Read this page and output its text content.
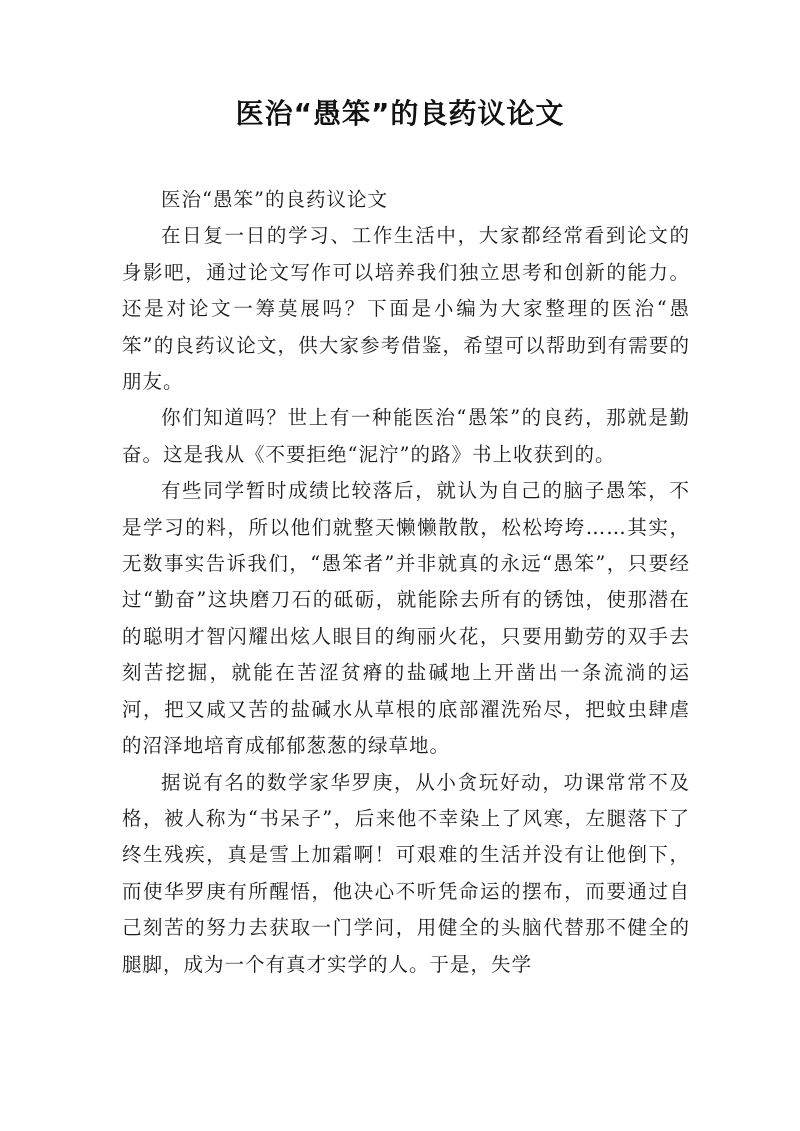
医治“愚笨”的良药议论文

医治“愚笨”的良药议论文

在日复一日的学习、工作生活中，大家都经常看到论文的身影吧，通过论文写作可以培养我们独立思考和创新的能力。还是对论文一筹莫展吗？下面是小编为大家整理的医治“愚笨”的良药议论文，供大家参考借鉴，希望可以帮助到有需要的朋友。

你们知道吗？世上有一种能医治“愚笨”的良药，那就是勤奋。这是我从《不要拒绝“泥泞”的路》书上收获到的。

有些同学暂时成绩比较落后，就认为自己的脑子愚笨，不是学习的料，所以他们就整天懒懒散散，松松垮垮……其实，无数事实告诉我们，“愚笨者”并非就真的永远“愚笨”，只要经过“勤奋”这块磨刀石的砥砺，就能除去所有的锈蚀，使那潜在的聪明才智闪耀出炫人眼目的绚丽火花，只要用勤劳的双手去刻苦挖掘，就能在苦涩贫瘠的盐碱地上开凿出一条流淌的运河，把又咸又苦的盐碱水从草根的底部濯洗殆尽，把蚊虫肆虐的沼泽地培育成郁郁葱葱的绿草地。

据说有名的数学家华罗庚，从小贪玩好动，功课常常不及格，被人称为“书呆子”，后来他不幸染上了风寒，左腿落下了终生残疾，真是雪上加霜啊！可艰难的生活并没有让他倒下，而使华罗庚有所醒悟，他决心不听凭命运的摆布，而要通过自己刻苦的努力去获取一门学问，用健全的头脑代替那不健全的腿脚，成为一个有真才实学的人。于是，失学
